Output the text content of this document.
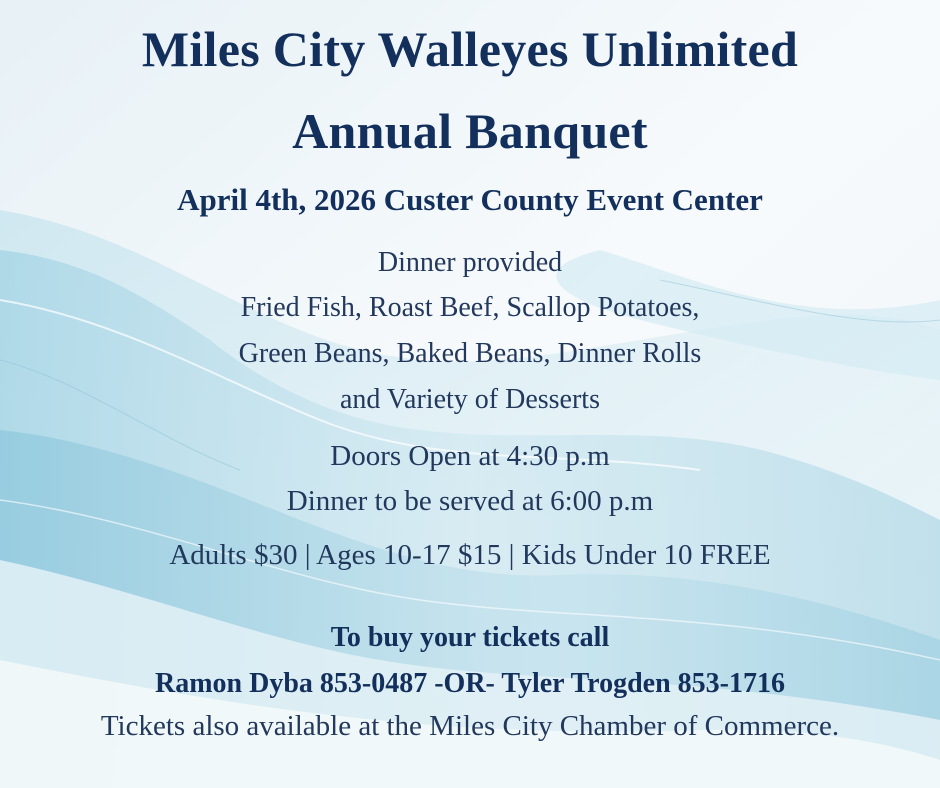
Miles City Walleyes Unlimited
Annual Banquet
April 4th, 2026 Custer County Event Center
Dinner provided
Fried Fish, Roast Beef, Scallop Potatoes,
Green Beans, Baked Beans, Dinner Rolls
and Variety of Desserts
Doors Open at 4:30 p.m
Dinner to be served at 6:00 p.m
Adults $30 | Ages 10-17 $15 | Kids Under 10 FREE
To buy your tickets call
Ramon Dyba 853-0487 -OR- Tyler Trogden 853-1716
Tickets also available at the Miles City Chamber of Commerce.
